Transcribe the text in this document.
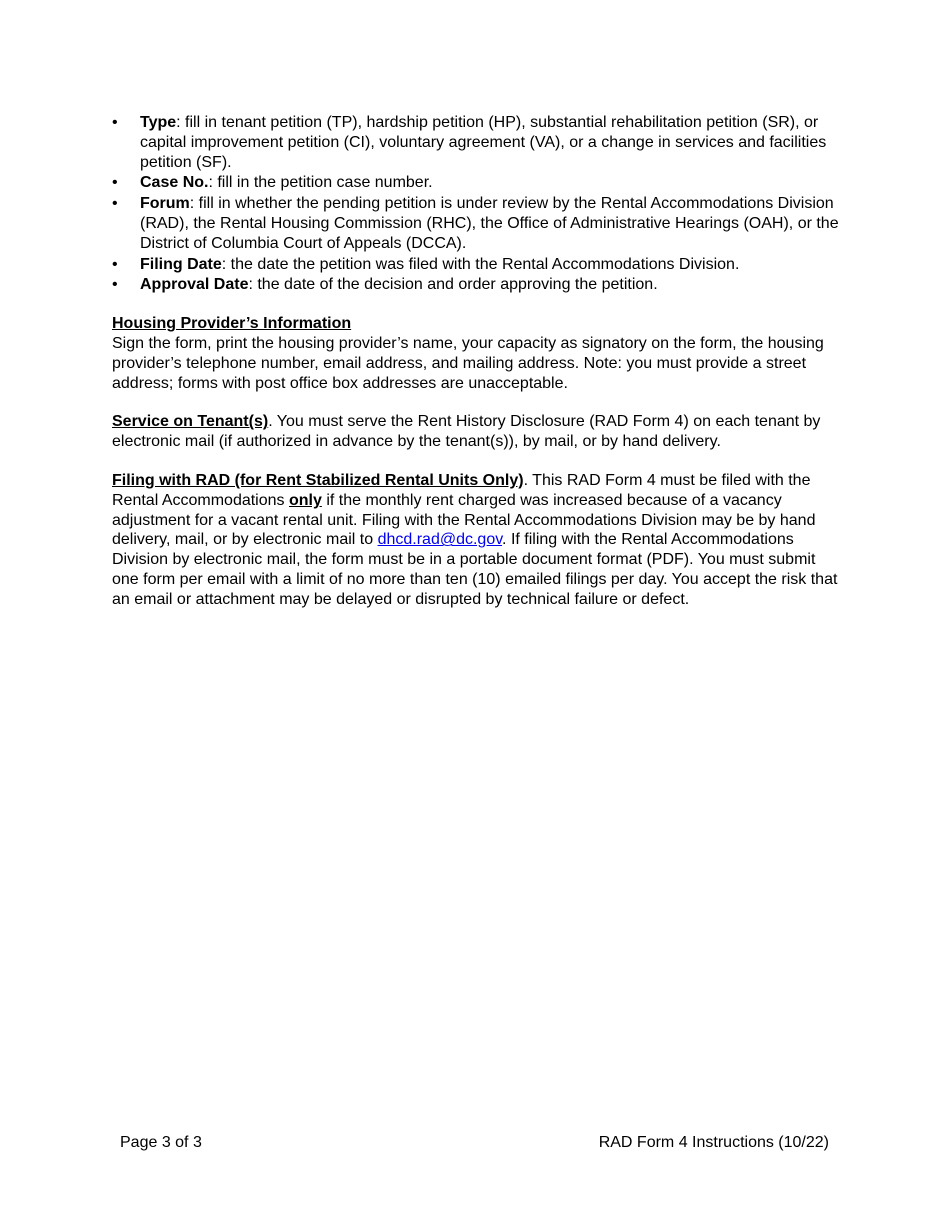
• Type: fill in tenant petition (TP), hardship petition (HP), substantial rehabilitation petition (SR), or capital improvement petition (CI), voluntary agreement (VA), or a change in services and facilities petition (SF).
• Case No.: fill in the petition case number.
• Forum: fill in whether the pending petition is under review by the Rental Accommodations Division (RAD), the Rental Housing Commission (RHC), the Office of Administrative Hearings (OAH), or the District of Columbia Court of Appeals (DCCA).
• Filing Date: the date the petition was filed with the Rental Accommodations Division.
• Approval Date: the date of the decision and order approving the petition.

Housing Provider’s Information
Sign the form, print the housing provider’s name, your capacity as signatory on the form, the housing provider’s telephone number, email address, and mailing address. Note: you must provide a street address; forms with post office box addresses are unacceptable.

Service on Tenant(s). You must serve the Rent History Disclosure (RAD Form 4) on each tenant by electronic mail (if authorized in advance by the tenant(s)), by mail, or by hand delivery.

Filing with RAD (for Rent Stabilized Rental Units Only). This RAD Form 4 must be filed with the Rental Accommodations only if the monthly rent charged was increased because of a vacancy adjustment for a vacant rental unit. Filing with the Rental Accommodations Division may be by hand delivery, mail, or by electronic mail to dhcd.rad@dc.gov. If filing with the Rental Accommodations Division by electronic mail, the form must be in a portable document format (PDF). You must submit one form per email with a limit of no more than ten (10) emailed filings per day. You accept the risk that an email or attachment may be delayed or disrupted by technical failure or defect.

Page 3 of 3	RAD Form 4 Instructions (10/22)
